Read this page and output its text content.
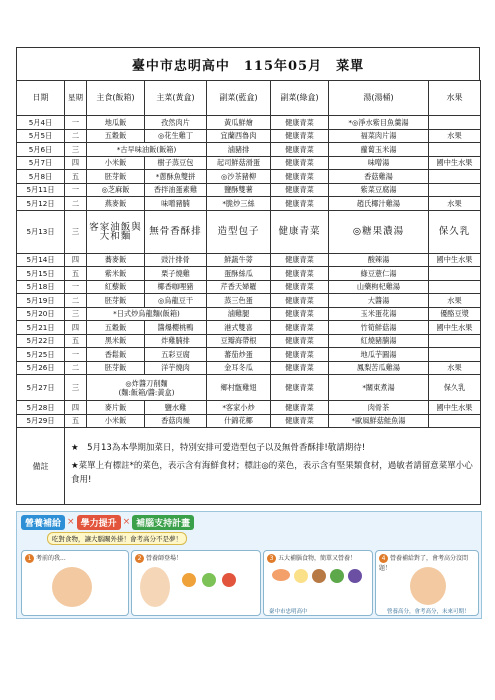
臺中市忠明高中　115年05月　菜單
日期	星期	主食(飯箱)	主菜(黃盒)	副菜(藍盒)	副菜(綠盒)	湯(湯桶)	水果
5月4日	一	地瓜飯	孜然肉片	黃瓜鮮燴	健康青菜	*◎淨水紫目魚羹湯	
5月5日	二	五穀飯	◎花生雞丁	宜蘭西魯肉	健康青菜	福菜肉片湯	水果
5月6日	三	*古早味油飯(飯箱)		滷豬排	健康青菜	蘿蔔玉米湯	
5月7日	四	小米飯	樹子蒸豆包	起司鮮菇滑蛋	健康青菜	味噌湯	國中生水果
5月8日	五	胚芽飯	*蔥酥魚雙拼	◎沙茶豬柳	健康青菜	香菇雞湯	
5月11日	一	◎芝麻飯	香拌油蛋素雞	鹽酥雙薯	健康青菜	紫菜豆腐湯	
5月12日	二	燕麥飯	味噌豬腩	*脆炒三絲	健康青菜	趙氏椰汁雞湯	水果
5月13日	三	客家油飯與大和麵	無骨香酥排	造型包子	健康青菜	◎糖果濃湯	保久乳
5月14日	四	蕎麥飯	豉汁排骨	鮮蔬牛蒡	健康青菜	酸辣湯	國中生水果
5月15日	五	紫米飯	栗子燒雞	蛋酥絲瓜	健康青菜	綠豆薏仁湯	
5月18日	一	紅藜飯	椰香咖哩豬	芹香天婦羅	健康青菜	山藥枸杞雞湯	
5月19日	二	胚芽飯	◎烏龍豆干	蒸三色蛋	健康青菜	大醬湯	水果
5月20日	三	*日式炒烏龍麵(飯箱)		滷雞腿	健康青菜	玉米蛋花湯	優酪豆漿
5月21日	四	五穀飯	醬爆櫻桃鴨	港式雙喜	健康青菜	竹筍鮮菇湯	國中生水果
5月22日	五	黑米飯	炸雞腩排	豆瓣海帶根	健康青菜	紅燒豬腩湯	
5月25日	一	香鬆飯	五彩豆腐	蕃茄炒蛋	健康青菜	地瓜芋圓湯	
5月26日	二	胚芽飯	洋芋燒肉	金耳冬瓜	健康青菜	鳳梨苦瓜雞湯	水果
5月27日	三	◎炸醬刀削麵
(麵:飯箱/醬:黃盒)		鄉村甑雞翅	健康青菜	*關東煮湯	保久乳
5月28日	四	麥片飯	鹽水雞	*客家小炒	健康青菜	肉骨茶	國中生水果
5月29日	五	小米飯	香菇肉燥	什錦花椰	健康青菜	*歐風鮮菇鮭魚湯	
備註	★　5月13為本學期加菜日，特別安排可愛造型包子以及無骨香酥排!敬請期待!

★菜單上有標註*的菜色，表示含有海鮮食材；標註◎的菜色，表示含有堅果類食材，過敏者請留意菜單小心食用!						

營養補給 × 學力提升 × 補腦支持計畫
吃對食物，讓大腦關外掛！會考高分不是夢！
1 考前的我...	2 營養師登場！	3 五大補腦食物，簡單又營養！	4 營養補給對了，會考高分沒問題！
臺中市忠明高中	營養高分，會考高分，未來可期！
